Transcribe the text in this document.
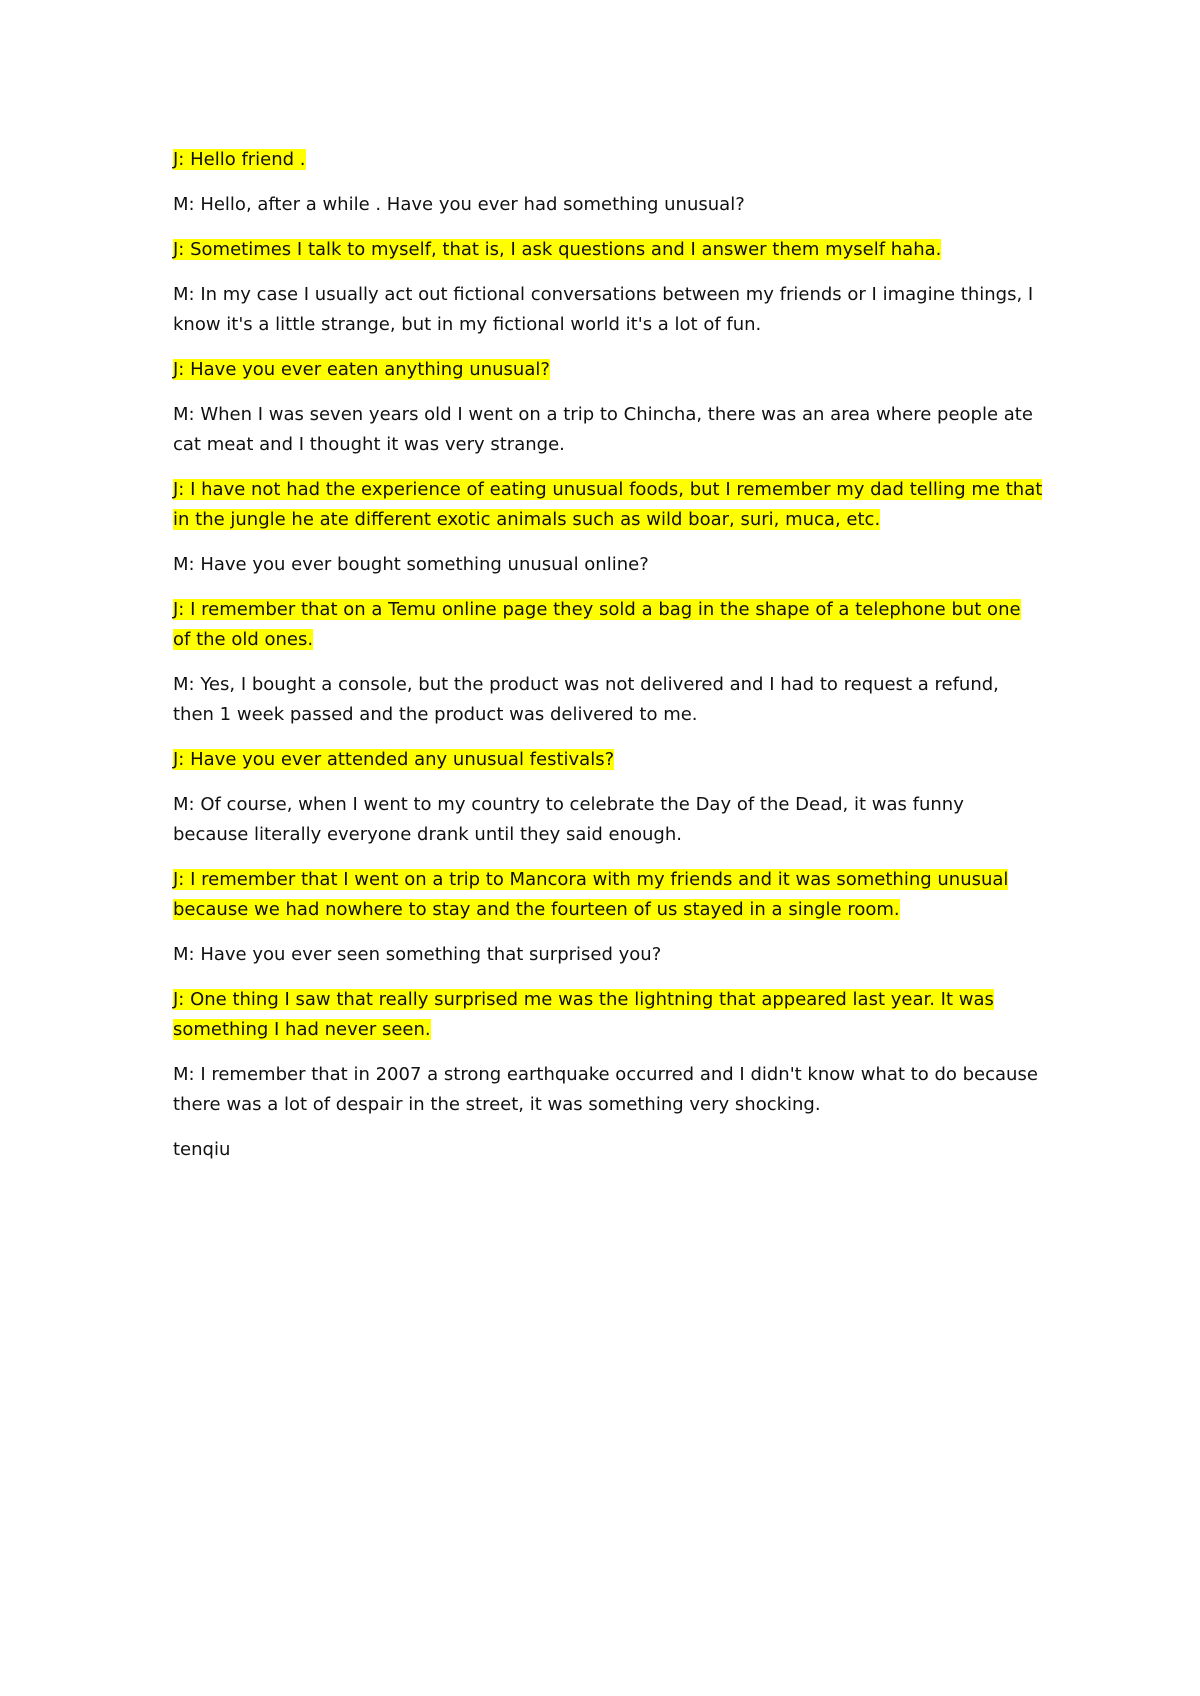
J: Hello friend .

M: Hello, after a while . Have you ever had something unusual?

J: Sometimes I talk to myself, that is, I ask questions and I answer them myself haha.

M: In my case I usually act out fictional conversations between my friends or I imagine things, I know it's a little strange, but in my fictional world it's a lot of fun.

J: Have you ever eaten anything unusual?

M: When I was seven years old I went on a trip to Chincha, there was an area where people ate cat meat and I thought it was very strange.

J: I have not had the experience of eating unusual foods, but I remember my dad telling me that in the jungle he ate different exotic animals such as wild boar, suri, muca, etc.

M: Have you ever bought something unusual online?

J: I remember that on a Temu online page they sold a bag in the shape of a telephone but one of the old ones.

M: Yes, I bought a console, but the product was not delivered and I had to request a refund, then 1 week passed and the product was delivered to me.

J: Have you ever attended any unusual festivals?

M: Of course, when I went to my country to celebrate the Day of the Dead, it was funny because literally everyone drank until they said enough.

J: I remember that I went on a trip to Mancora with my friends and it was something unusual because we had nowhere to stay and the fourteen of us stayed in a single room.

M: Have you ever seen something that surprised you?

J: One thing I saw that really surprised me was the lightning that appeared last year. It was something I had never seen.

M: I remember that in 2007 a strong earthquake occurred and I didn't know what to do because there was a lot of despair in the street, it was something very shocking.

tenqiu
